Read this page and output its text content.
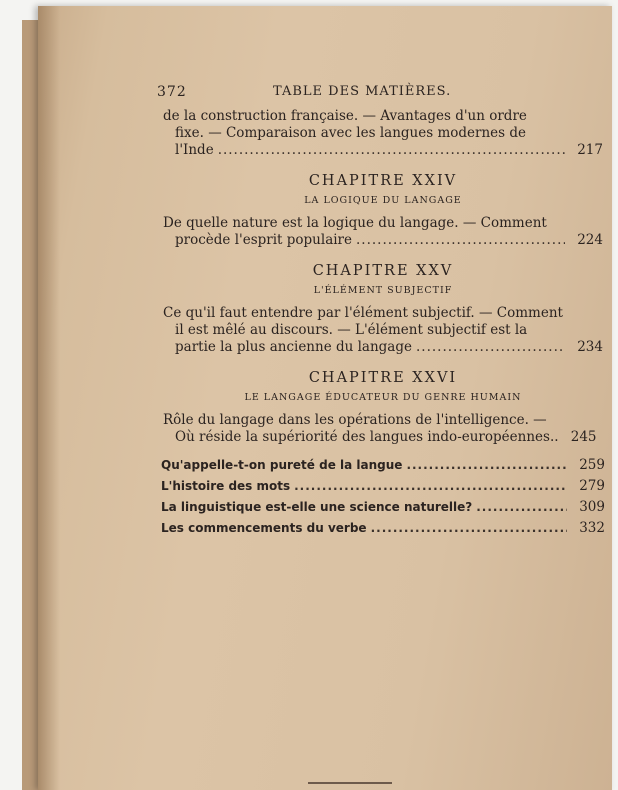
372	TABLE DES MATIÈRES.
de la construction française. — Avantages d'un ordre
fixe. — Comparaison avec les langues modernes de
l'Inde .....	217
CHAPITRE XXIV
LA LOGIQUE DU LANGAGE
De quelle nature est la logique du langage. — Comment
procède l'esprit populaire .....	224
CHAPITRE XXV
L'ÉLÉMENT SUBJECTIF
Ce qu'il faut entendre par l'élément subjectif. — Comment
il est mêlé au discours. — L'élément subjectif est la
partie la plus ancienne du langage .....	234
CHAPITRE XXVI
LE LANGAGE ÉDUCATEUR DU GENRE HUMAIN
Rôle du langage dans les opérations de l'intelligence. —
Où réside la supériorité des langues indo-européennes.. 245
Qu'appelle-t-on pureté de la langue .....	259
L'histoire des mots .....	279
La linguistique est-elle une science naturelle? .....	309
Les commencements du verbe .....	332
